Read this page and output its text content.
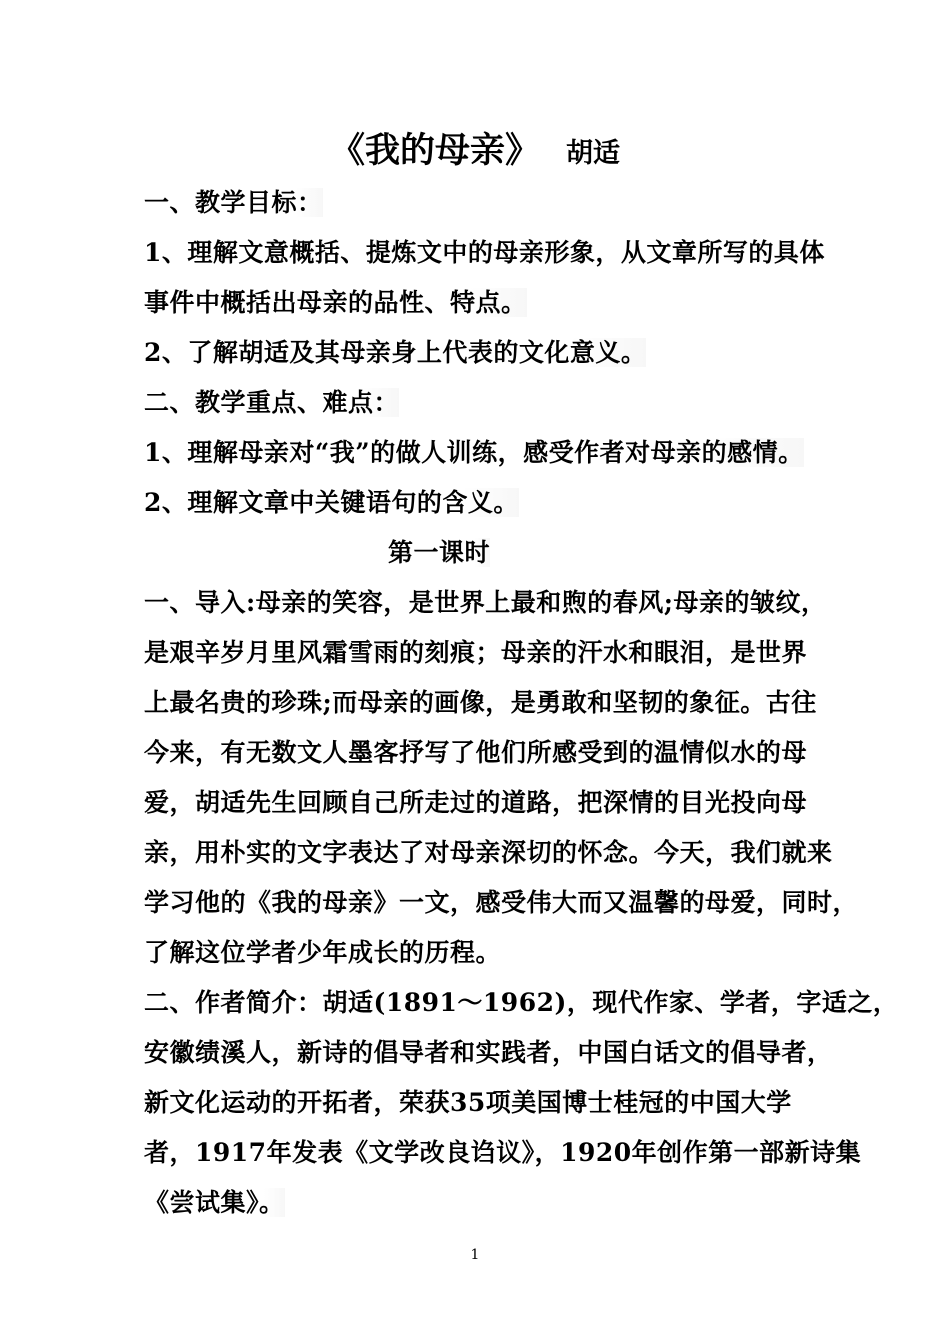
《我的母亲》 胡适
一、教学目标：
1、理解文意概括、提炼文中的母亲形象，从文章所写的具体
事件中概括出母亲的品性、特点。
2、了解胡适及其母亲身上代表的文化意义。
二、教学重点、难点：
1、理解母亲对“我”的做人训练，感受作者对母亲的感情。
2、理解文章中关键语句的含义。
第一课时
一、导入:母亲的笑容，是世界上最和煦的春风;母亲的皱纹，
是艰辛岁月里风霜雪雨的刻痕；母亲的汗水和眼泪，是世界
上最名贵的珍珠;而母亲的画像，是勇敢和坚韧的象征。古往
今来，有无数文人墨客抒写了他们所感受到的温情似水的母
爱，胡适先生回顾自己所走过的道路，把深情的目光投向母
亲，用朴实的文字表达了对母亲深切的怀念。今天，我们就来
学习他的《我的母亲》一文，感受伟大而又温馨的母爱，同时，
了解这位学者少年成长的历程。
二、作者简介：胡适(1891～1962)，现代作家、学者，字适之，
安徽绩溪人，新诗的倡导者和实践者，中国白话文的倡导者，
新文化运动的开拓者，荣获35项美国博士桂冠的中国大学
者，1917年发表《文学改良诌议》，1920年创作第一部新诗集
《尝试集》。
1
